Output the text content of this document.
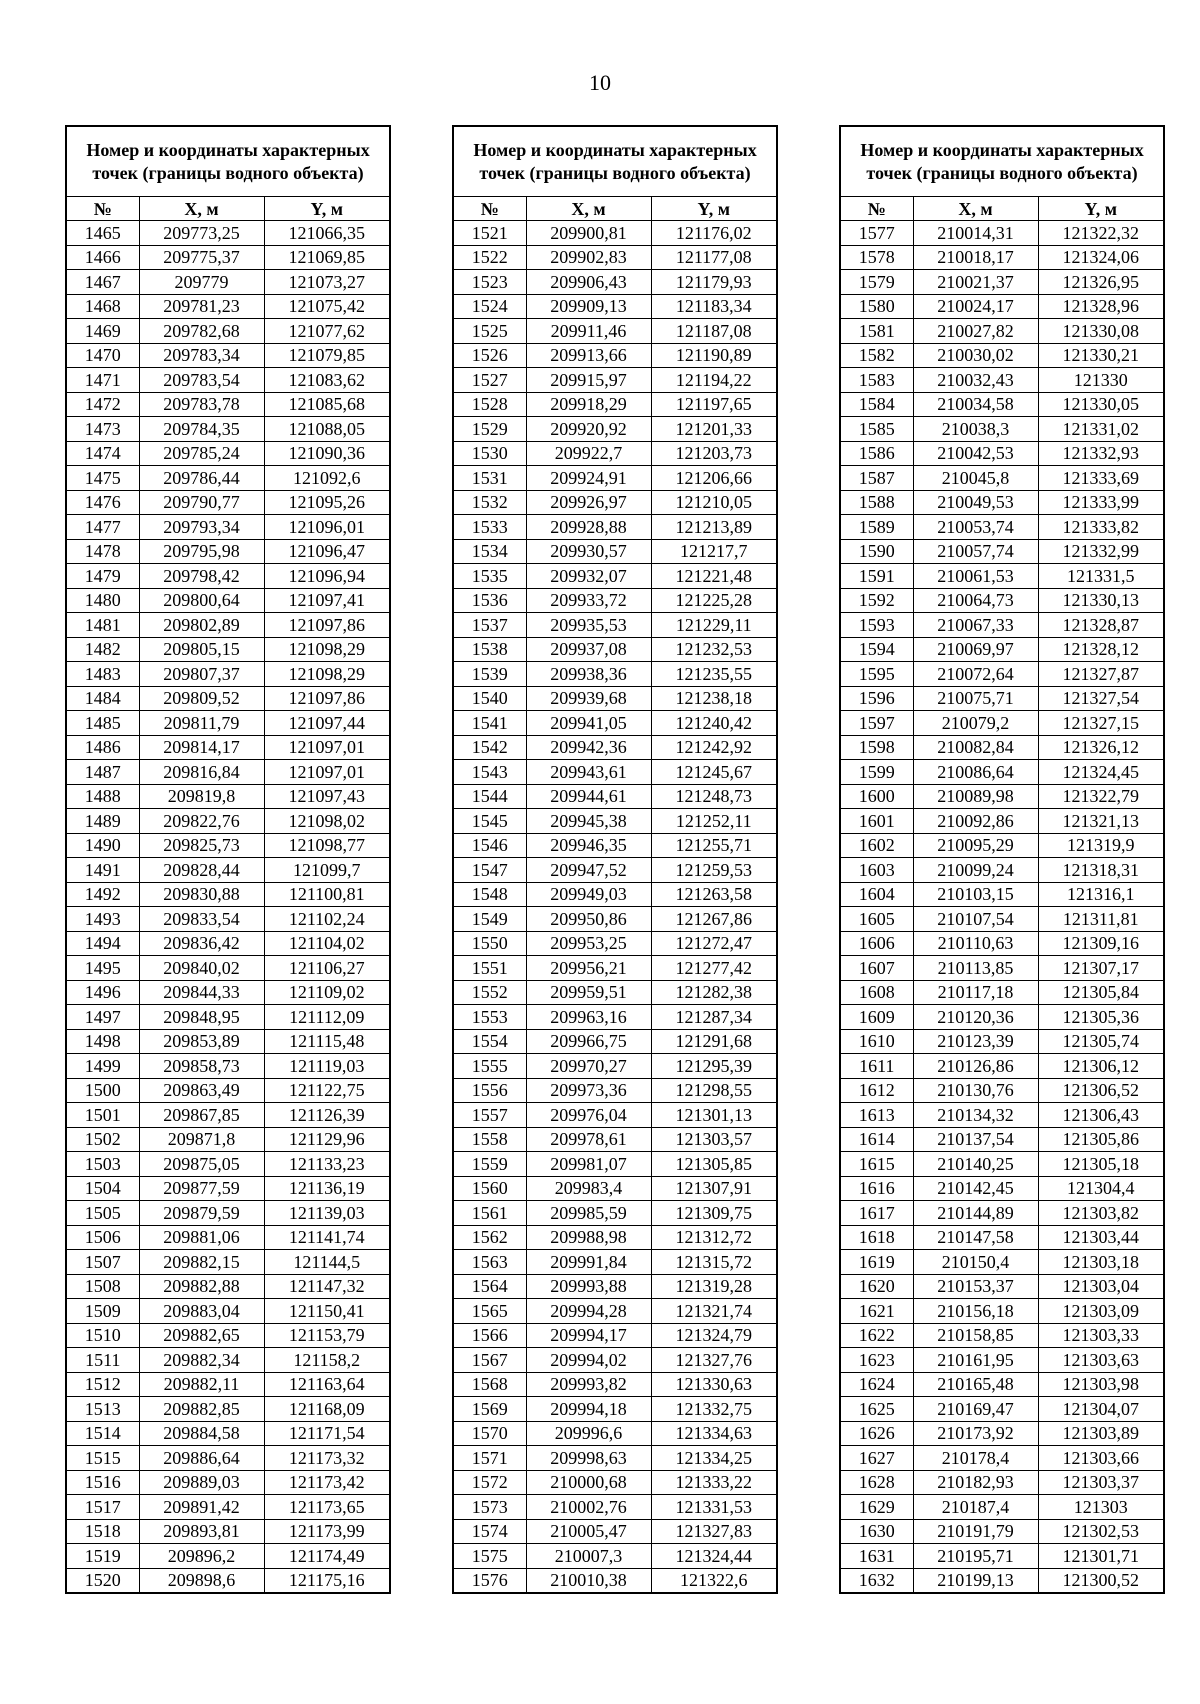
10
Номер и координаты характерных точек (границы водного объекта)		
№	X, м	Y, м
1465	209773,25	121066,35
1466	209775,37	121069,85
1467	209779	121073,27
1468	209781,23	121075,42
1469	209782,68	121077,62
1470	209783,34	121079,85
1471	209783,54	121083,62
1472	209783,78	121085,68
1473	209784,35	121088,05
1474	209785,24	121090,36
1475	209786,44	121092,6
1476	209790,77	121095,26
1477	209793,34	121096,01
1478	209795,98	121096,47
1479	209798,42	121096,94
1480	209800,64	121097,41
1481	209802,89	121097,86
1482	209805,15	121098,29
1483	209807,37	121098,29
1484	209809,52	121097,86
1485	209811,79	121097,44
1486	209814,17	121097,01
1487	209816,84	121097,01
1488	209819,8	121097,43
1489	209822,76	121098,02
1490	209825,73	121098,77
1491	209828,44	121099,7
1492	209830,88	121100,81
1493	209833,54	121102,24
1494	209836,42	121104,02
1495	209840,02	121106,27
1496	209844,33	121109,02
1497	209848,95	121112,09
1498	209853,89	121115,48
1499	209858,73	121119,03
1500	209863,49	121122,75
1501	209867,85	121126,39
1502	209871,8	121129,96
1503	209875,05	121133,23
1504	209877,59	121136,19
1505	209879,59	121139,03
1506	209881,06	121141,74
1507	209882,15	121144,5
1508	209882,88	121147,32
1509	209883,04	121150,41
1510	209882,65	121153,79
1511	209882,34	121158,2
1512	209882,11	121163,64
1513	209882,85	121168,09
1514	209884,58	121171,54
1515	209886,64	121173,32
1516	209889,03	121173,42
1517	209891,42	121173,65
1518	209893,81	121173,99
1519	209896,2	121174,49
1520	209898,6	121175,16
Номер и координаты характерных точек (границы водного объекта)		
№	X, м	Y, м
1521	209900,81	121176,02
1522	209902,83	121177,08
1523	209906,43	121179,93
1524	209909,13	121183,34
1525	209911,46	121187,08
1526	209913,66	121190,89
1527	209915,97	121194,22
1528	209918,29	121197,65
1529	209920,92	121201,33
1530	209922,7	121203,73
1531	209924,91	121206,66
1532	209926,97	121210,05
1533	209928,88	121213,89
1534	209930,57	121217,7
1535	209932,07	121221,48
1536	209933,72	121225,28
1537	209935,53	121229,11
1538	209937,08	121232,53
1539	209938,36	121235,55
1540	209939,68	121238,18
1541	209941,05	121240,42
1542	209942,36	121242,92
1543	209943,61	121245,67
1544	209944,61	121248,73
1545	209945,38	121252,11
1546	209946,35	121255,71
1547	209947,52	121259,53
1548	209949,03	121263,58
1549	209950,86	121267,86
1550	209953,25	121272,47
1551	209956,21	121277,42
1552	209959,51	121282,38
1553	209963,16	121287,34
1554	209966,75	121291,68
1555	209970,27	121295,39
1556	209973,36	121298,55
1557	209976,04	121301,13
1558	209978,61	121303,57
1559	209981,07	121305,85
1560	209983,4	121307,91
1561	209985,59	121309,75
1562	209988,98	121312,72
1563	209991,84	121315,72
1564	209993,88	121319,28
1565	209994,28	121321,74
1566	209994,17	121324,79
1567	209994,02	121327,76
1568	209993,82	121330,63
1569	209994,18	121332,75
1570	209996,6	121334,63
1571	209998,63	121334,25
1572	210000,68	121333,22
1573	210002,76	121331,53
1574	210005,47	121327,83
1575	210007,3	121324,44
1576	210010,38	121322,6
Номер и координаты характерных точек (границы водного объекта)		
№	X, м	Y, м
1577	210014,31	121322,32
1578	210018,17	121324,06
1579	210021,37	121326,95
1580	210024,17	121328,96
1581	210027,82	121330,08
1582	210030,02	121330,21
1583	210032,43	121330
1584	210034,58	121330,05
1585	210038,3	121331,02
1586	210042,53	121332,93
1587	210045,8	121333,69
1588	210049,53	121333,99
1589	210053,74	121333,82
1590	210057,74	121332,99
1591	210061,53	121331,5
1592	210064,73	121330,13
1593	210067,33	121328,87
1594	210069,97	121328,12
1595	210072,64	121327,87
1596	210075,71	121327,54
1597	210079,2	121327,15
1598	210082,84	121326,12
1599	210086,64	121324,45
1600	210089,98	121322,79
1601	210092,86	121321,13
1602	210095,29	121319,9
1603	210099,24	121318,31
1604	210103,15	121316,1
1605	210107,54	121311,81
1606	210110,63	121309,16
1607	210113,85	121307,17
1608	210117,18	121305,84
1609	210120,36	121305,36
1610	210123,39	121305,74
1611	210126,86	121306,12
1612	210130,76	121306,52
1613	210134,32	121306,43
1614	210137,54	121305,86
1615	210140,25	121305,18
1616	210142,45	121304,4
1617	210144,89	121303,82
1618	210147,58	121303,44
1619	210150,4	121303,18
1620	210153,37	121303,04
1621	210156,18	121303,09
1622	210158,85	121303,33
1623	210161,95	121303,63
1624	210165,48	121303,98
1625	210169,47	121304,07
1626	210173,92	121303,89
1627	210178,4	121303,66
1628	210182,93	121303,37
1629	210187,4	121303
1630	210191,79	121302,53
1631	210195,71	121301,71
1632	210199,13	121300,52
